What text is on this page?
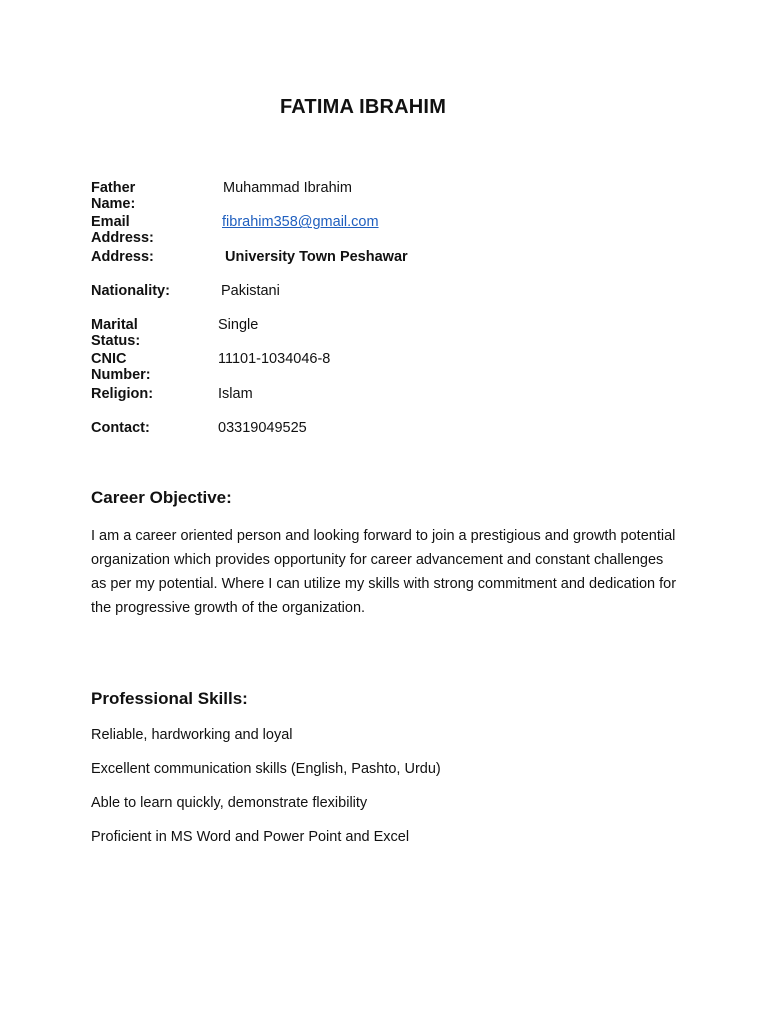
FATIMA IBRAHIM
Father Name:
Muhammad Ibrahim
Email Address:
fibrahim358@gmail.com
Address:	University Town Peshawar
Nationality:	Pakistani
Marital Status:
Single
CNIC Number:
11101-1034046-8
Religion:	Islam
Contact:	03319049525
Career Objective:
I am a career oriented person and looking forward to join a prestigious and growth potential organization which provides opportunity for career advancement and constant challenges as per my potential. Where I can utilize my skills with strong commitment and dedication for the progressive growth of the organization.
Professional Skills:
Reliable, hardworking and loyal
Excellent communication skills (English, Pashto, Urdu)
Able to learn quickly, demonstrate flexibility
Proficient in MS Word and Power Point and Excel
